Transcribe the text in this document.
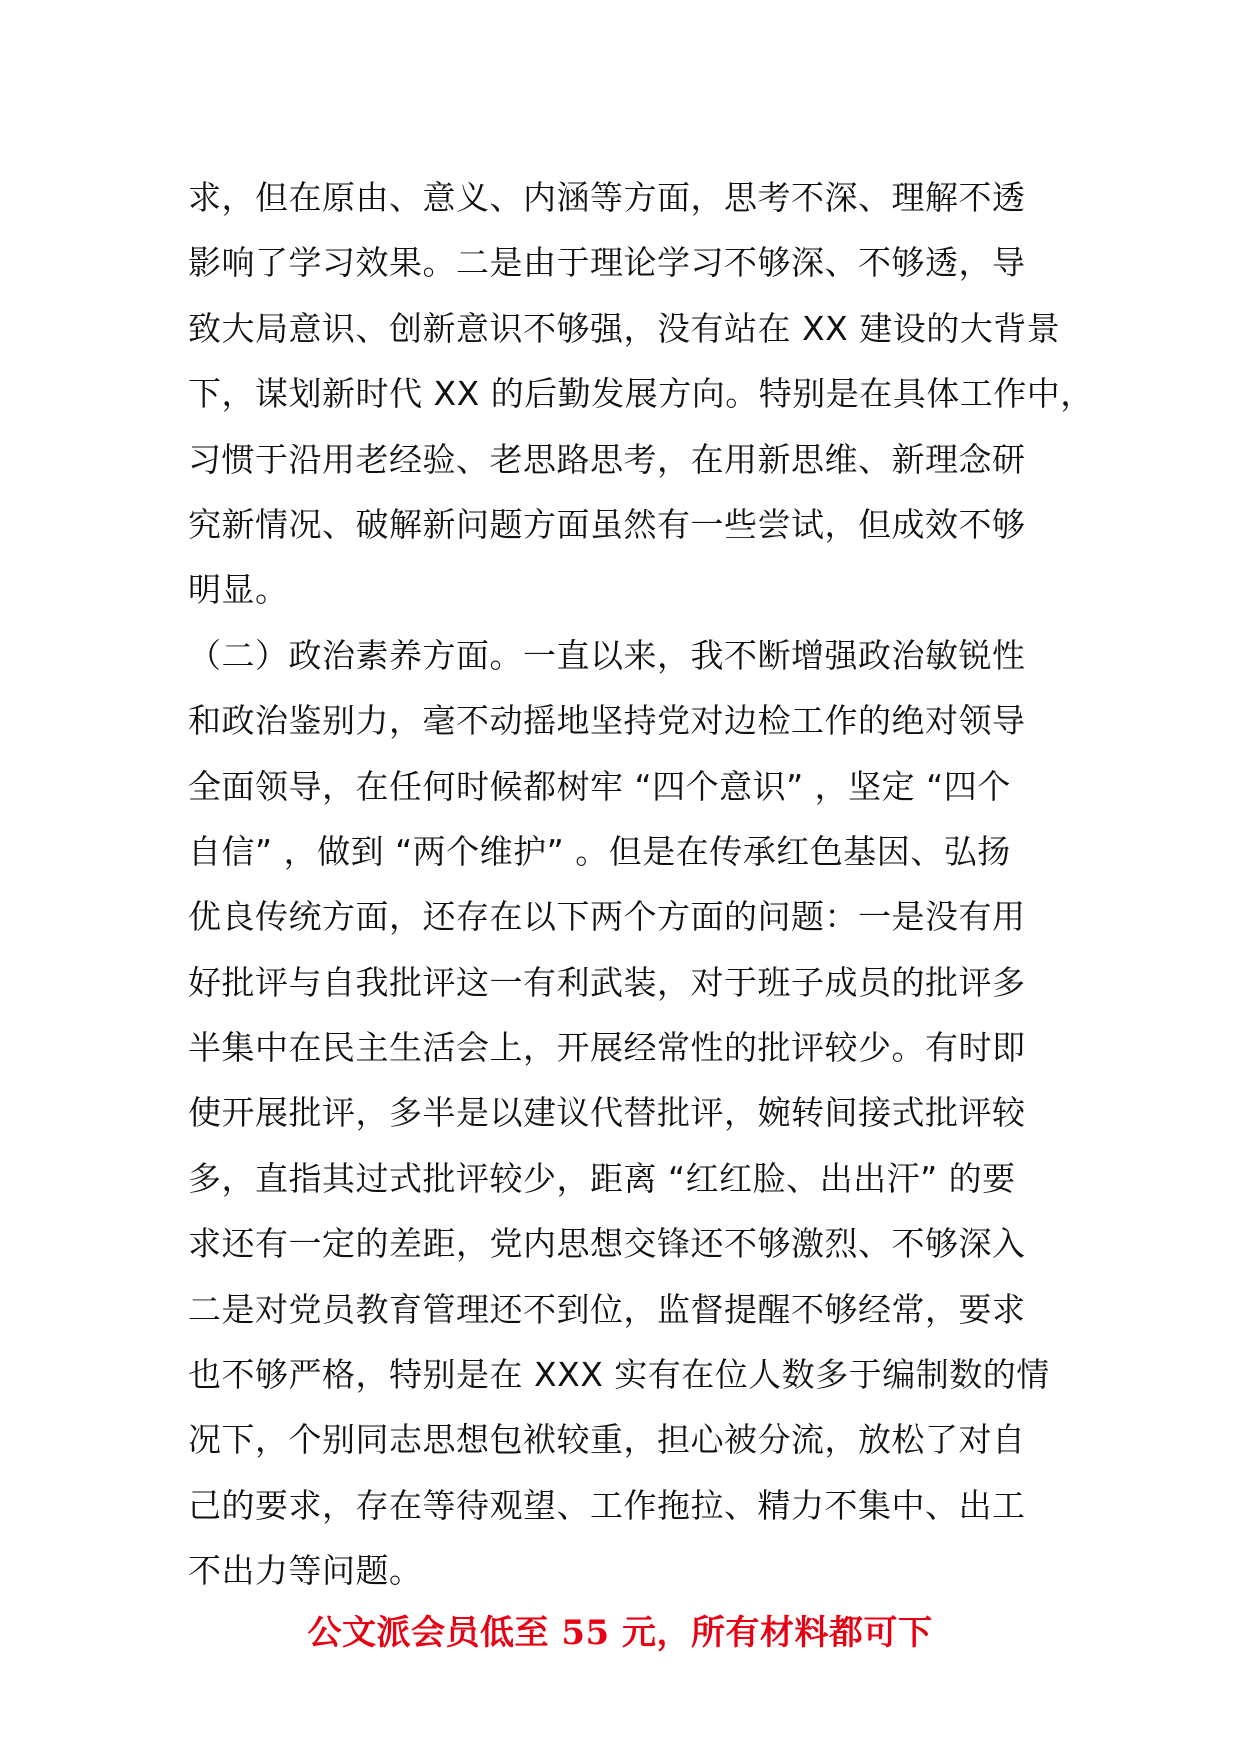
求，但在原由、意义、内涵等方面，思考不深、理解不透
影响了学习效果。二是由于理论学习不够深、不够透，导
致大局意识、创新意识不够强，没有站在 XX 建设的大背景
下，谋划新时代 XX 的后勤发展方向。特别是在具体工作中，
习惯于沿用老经验、老思路思考，在用新思维、新理念研
究新情况、破解新问题方面虽然有一些尝试，但成效不够
明显。
（二）政治素养方面。一直以来，我不断增强政治敏锐性
和政治鉴别力，毫不动摇地坚持党对边检工作的绝对领导
全面领导，在任何时候都树牢 “四个意识” ，坚定 “四个
自信” ，做到 “两个维护” 。但是在传承红色基因、弘扬
优良传统方面，还存在以下两个方面的问题：一是没有用
好批评与自我批评这一有利武装，对于班子成员的批评多
半集中在民主生活会上，开展经常性的批评较少。有时即
使开展批评，多半是以建议代替批评，婉转间接式批评较
多，直指其过式批评较少，距离 “红红脸、出出汗” 的要
求还有一定的差距，党内思想交锋还不够激烈、不够深入
二是对党员教育管理还不到位，监督提醒不够经常，要求
也不够严格，特别是在 XXX 实有在位人数多于编制数的情
况下，个别同志思想包袱较重，担心被分流，放松了对自
己的要求，存在等待观望、工作拖拉、精力不集中、出工
不出力等问题。
公文派会员低至 55 元，所有材料都可下
